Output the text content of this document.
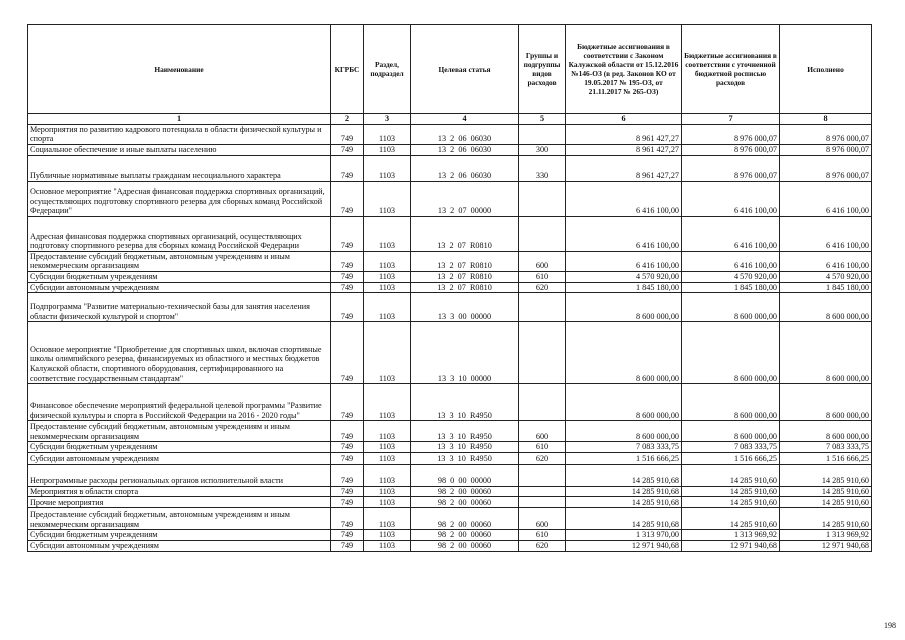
Наименование	КГРБС	Раздел, подраздел	Целевая статья	Группы и подгруппы видов расходов	Бюджетные ассигнования в соответствии с Законом Калужской области от 15.12.2016 №146-ОЗ (в ред. Законов КО от 19.05.2017 № 195-ОЗ, от 21.11.2017 № 265-ОЗ)	Бюджетные ассигнования в соответствии с уточненной бюджетной росписью расходов	Исполнено
1	2	3	4	5	6	7	8
Мероприятия по развитию кадрового потенциала в области физической культуры и спорта	749	1103	13  2  06  06030		8 961 427,27	8 976 000,07	8 976 000,07
Социальное обеспечение и иные выплаты населению	749	1103	13  2  06  06030	300	8 961 427,27	8 976 000,07	8 976 000,07
Публичные нормативные выплаты гражданам несоциального характера	749	1103	13  2  06  06030	330	8 961 427,27	8 976 000,07	8 976 000,07
Основное мероприятие "Адресная финансовая поддержка спортивных организаций, осуществляющих подготовку спортивного резерва для сборных команд Российской Федерации"	749	1103	13  2  07  00000		6 416 100,00	6 416 100,00	6 416 100,00
Адресная финансовая поддержка спортивных организаций, осуществляющих подготовку спортивного резерва для сборных команд Российской Федерации	749	1103	13  2  07  R0810		6 416 100,00	6 416 100,00	6 416 100,00
Предоставление субсидий бюджетным, автономным учреждениям и иным некоммерческим организациям	749	1103	13  2  07  R0810	600	6 416 100,00	6 416 100,00	6 416 100,00
Субсидии бюджетным учреждениям	749	1103	13  2  07  R0810	610	4 570 920,00	4 570 920,00	4 570 920,00
Субсидии автономным учреждениям	749	1103	13  2  07  R0810	620	1 845 180,00	1 845 180,00	1 845 180,00
Подпрограмма "Развитие материально-технической базы для занятия населения области физической культурой и спортом"	749	1103	13  3  00  00000		8 600 000,00	8 600 000,00	8 600 000,00
Основное мероприятие "Приобретение для спортивных школ, включая спортивные школы олимпийского резерва, финансируемых из областного и местных бюджетов Калужской области, спортивного оборудования, сертифицированного на соответствие государственным стандартам"	749	1103	13  3  10  00000		8 600 000,00	8 600 000,00	8 600 000,00
Финансовое обеспечение мероприятий федеральной целевой программы "Развитие физической культуры и спорта в Российской Федерации на 2016 - 2020 годы"	749	1103	13  3  10  R4950		8 600 000,00	8 600 000,00	8 600 000,00
Предоставление субсидий бюджетным, автономным учреждениям и иным некоммерческим организациям	749	1103	13  3  10  R4950	600	8 600 000,00	8 600 000,00	8 600 000,00
Субсидии бюджетным учреждениям	749	1103	13  3  10  R4950	610	7 083 333,75	7 083 333,75	7 083 333,75
Субсидии автономным учреждениям	749	1103	13  3  10  R4950	620	1 516 666,25	1 516 666,25	1 516 666,25
Непрограммные расходы региональных органов исполнительной власти	749	1103	98  0  00  00000		14 285 910,68	14 285 910,60	14 285 910,60
Мероприятия в области спорта	749	1103	98  2  00  00060		14 285 910,68	14 285 910,60	14 285 910,60
Прочие мероприятия	749	1103	98  2  00  00060		14 285 910,68	14 285 910,60	14 285 910,60
Предоставление субсидий бюджетным, автономным учреждениям и иным некоммерческим организациям	749	1103	98  2  00  00060	600	14 285 910,68	14 285 910,60	14 285 910,60
Субсидии бюджетным учреждениям	749	1103	98  2  00  00060	610	1 313 970,00	1 313 969,92	1 313 969,92
Субсидии автономным учреждениям	749	1103	98  2  00  00060	620	12 971 940,68	12 971 940,68	12 971 940,68
198
